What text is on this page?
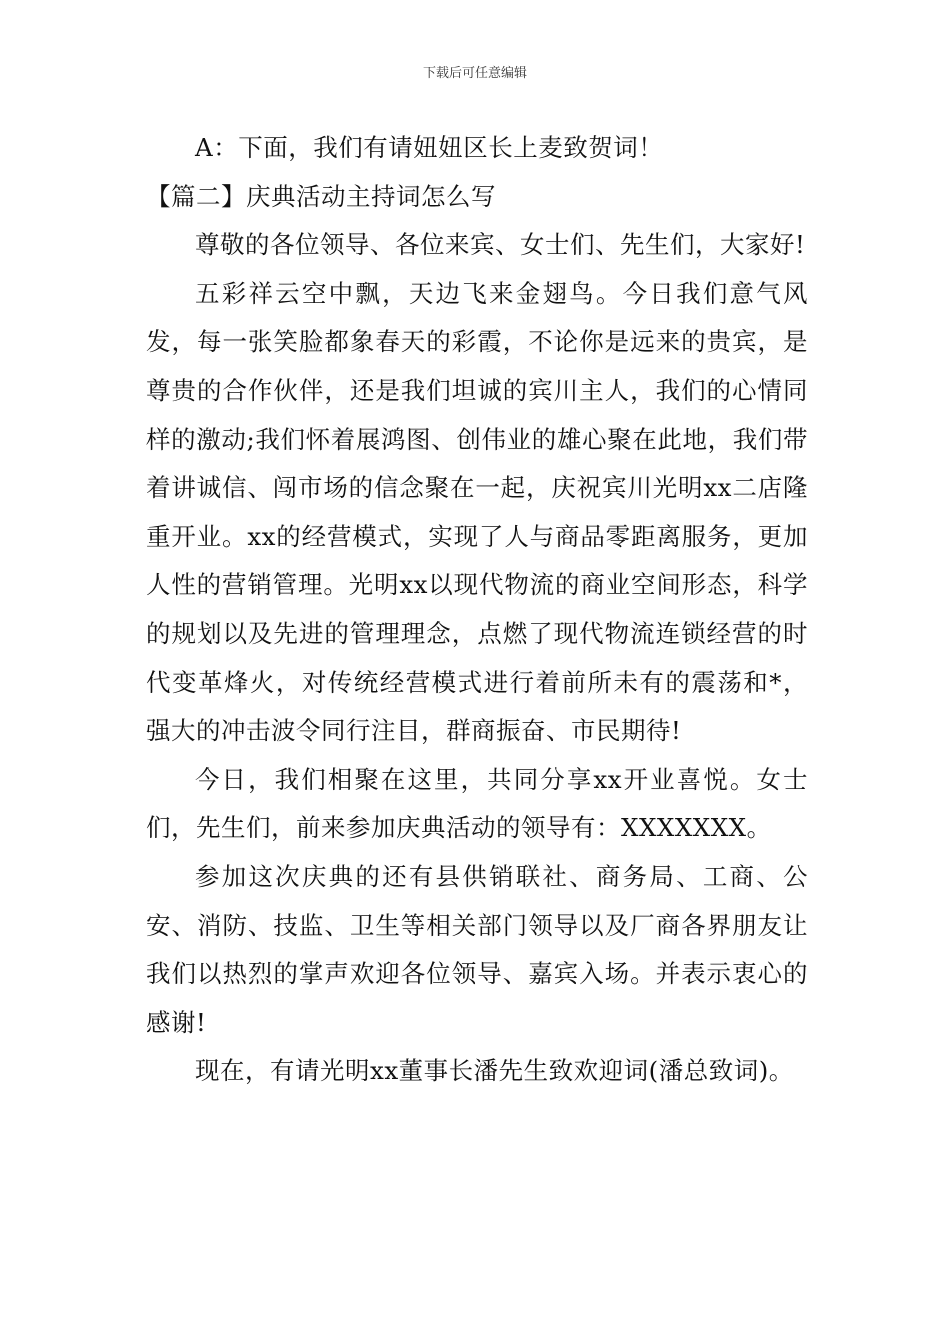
下载后可任意编辑

A：下面，我们有请妞妞区长上麦致贺词！

【篇二】庆典活动主持词怎么写

尊敬的各位领导、各位来宾、女士们、先生们，大家好!

五彩祥云空中飘，天边飞来金翅鸟。今日我们意气风发，每一张笑脸都象春天的彩霞，不论你是远来的贵宾，是尊贵的合作伙伴，还是我们坦诚的宾川主人，我们的心情同样的激动;我们怀着展鸿图、创伟业的雄心聚在此地，我们带着讲诚信、闯市场的信念聚在一起，庆祝宾川光明xx二店隆重开业。xx的经营模式，实现了人与商品零距离服务，更加人性的营销管理。光明xx以现代物流的商业空间形态，科学的规划以及先进的管理理念，点燃了现代物流连锁经营的时代变革烽火，对传统经营模式进行着前所未有的震荡和*，强大的冲击波令同行注目，群商振奋、市民期待!

今日，我们相聚在这里，共同分享xx开业喜悦。女士们，先生们，前来参加庆典活动的领导有：XXXXXXX。

参加这次庆典的还有县供销联社、商务局、工商、公安、消防、技监、卫生等相关部门领导以及厂商各界朋友让我们以热烈的掌声欢迎各位领导、嘉宾入场。并表示衷心的感谢!

现在，有请光明xx董事长潘先生致欢迎词(潘总致词)。
